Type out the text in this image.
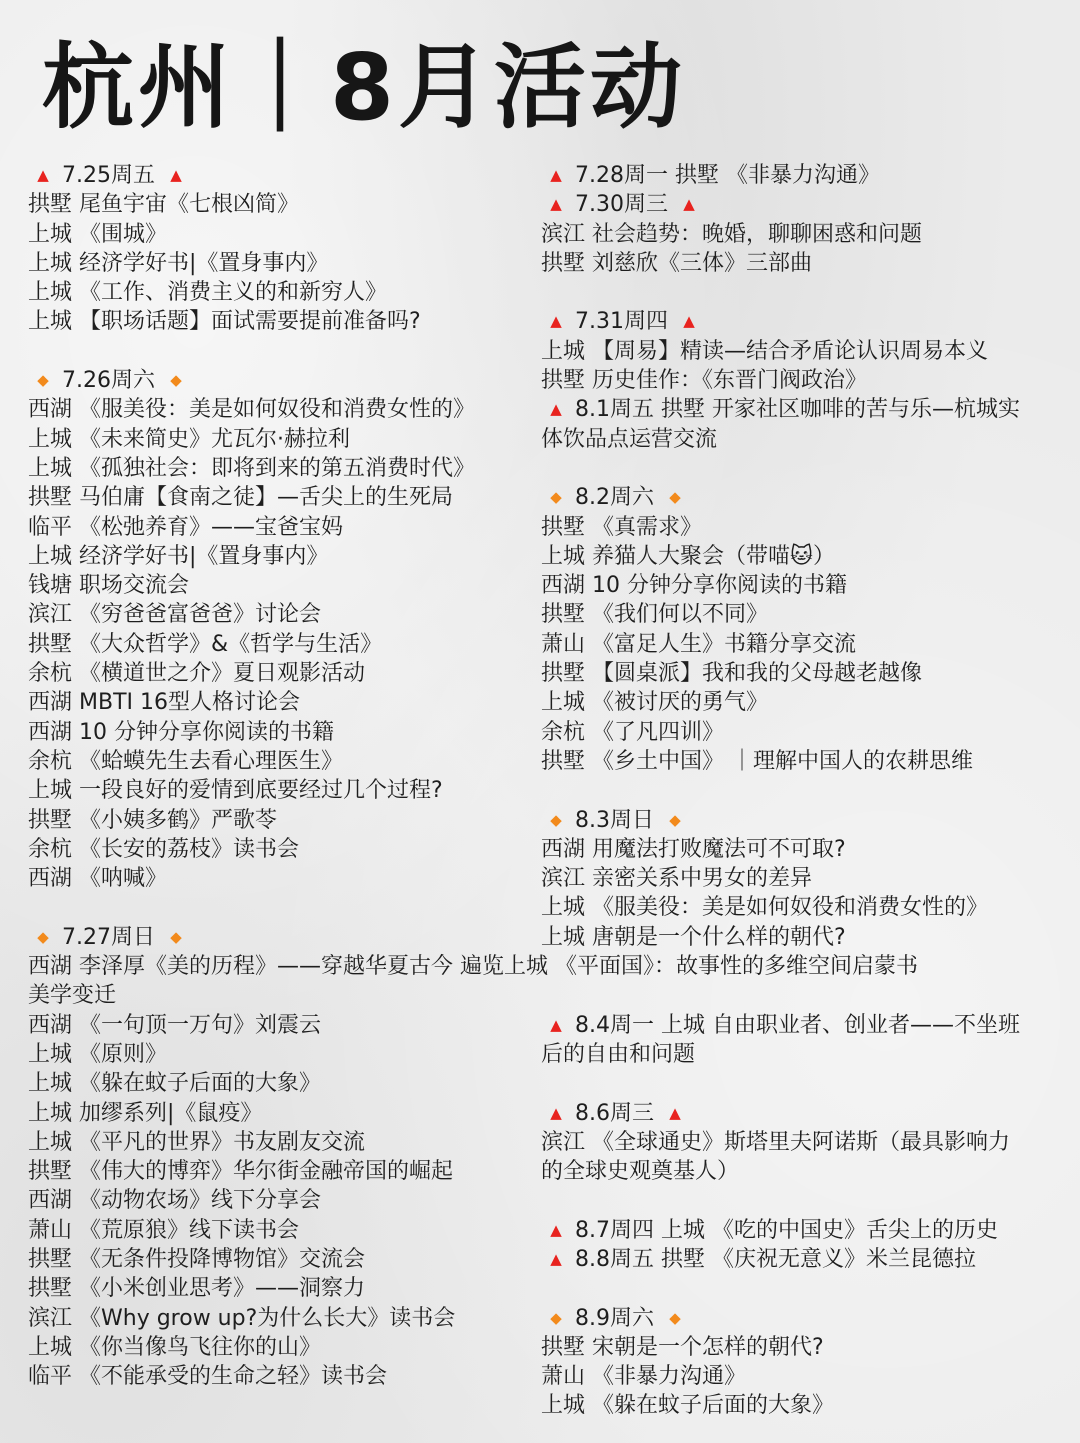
杭州｜8月活动
▲ 7.25周五 ▲
拱墅 尾鱼宇宙《七根凶简》
上城 《围城》
上城 经济学好书|《置身事内》
上城 《工作、消费主义的和新穷人》
上城 【职场话题】面试需要提前准备吗?
◆ 7.26周六 ◆
西湖 《服美役：美是如何奴役和消费女性的》
上城 《未来简史》尤瓦尔·赫拉利
上城 《孤独社会：即将到来的第五消费时代》
拱墅 马伯庸【食南之徒】—舌尖上的生死局
临平 《松弛养育》——宝爸宝妈
上城 经济学好书|《置身事内》
钱塘 职场交流会
滨江 《穷爸爸富爸爸》讨论会
拱墅 《大众哲学》&《哲学与生活》
余杭 《横道世之介》夏日观影活动
西湖 MBTI 16型人格讨论会
西湖 10 分钟分享你阅读的书籍
余杭 《蛤蟆先生去看心理医生》
上城 一段良好的爱情到底要经过几个过程?
拱墅 《小姨多鹤》严歌苓
余杭 《长安的荔枝》读书会
西湖 《呐喊》
◆ 7.27周日 ◆
西湖 李泽厚《美的历程》——穿越华夏古今 遍览上城 《平面国》：故事性的多维空间启蒙书
美学变迁
西湖 《一句顶一万句》刘震云
上城 《原则》
上城 《躲在蚊子后面的大象》
上城 加缪系列|《鼠疫》
上城 《平凡的世界》书友剧友交流
拱墅 《伟大的博弈》华尔街金融帝国的崛起
西湖 《动物农场》线下分享会
萧山 《荒原狼》线下读书会
拱墅 《无条件投降博物馆》交流会
拱墅 《小米创业思考》——洞察力
滨江 《Why grow up?为什么长大》读书会
上城 《你当像鸟飞往你的山》
临平 《不能承受的生命之轻》读书会
▲ 7.28周一 拱墅 《非暴力沟通》
▲ 7.30周三 ▲
滨江 社会趋势：晚婚，聊聊困惑和问题
拱墅 刘慈欣《三体》三部曲
▲ 7.31周四 ▲
上城 【周易】精读—结合矛盾论认识周易本义
拱墅 历史佳作：《东晋门阀政治》
▲ 8.1周五 拱墅 开家社区咖啡的苦与乐—杭城实
体饮品点运营交流
◆ 8.2周六 ◆
拱墅 《真需求》
上城 养猫人大聚会（带喵🐱）
西湖 10 分钟分享你阅读的书籍
拱墅 《我们何以不同》
萧山 《富足人生》书籍分享交流
拱墅 【圆桌派】我和我的父母越老越像
上城 《被讨厌的勇气》
余杭 《了凡四训》
拱墅 《乡土中国》 ｜理解中国人的农耕思维
◆ 8.3周日 ◆
西湖 用魔法打败魔法可不可取?
滨江 亲密关系中男女的差异
上城 《服美役：美是如何奴役和消费女性的》
上城 唐朝是一个什么样的朝代?
▲ 8.4周一 上城 自由职业者、创业者——不坐班
后的自由和问题
▲ 8.6周三 ▲
滨江 《全球通史》斯塔里夫阿诺斯（最具影响力
的全球史观奠基人）
▲ 8.7周四 上城 《吃的中国史》舌尖上的历史
▲ 8.8周五 拱墅 《庆祝无意义》米兰昆德拉
◆ 8.9周六 ◆
拱墅 宋朝是一个怎样的朝代?
萧山 《非暴力沟通》
上城 《躲在蚊子后面的大象》
